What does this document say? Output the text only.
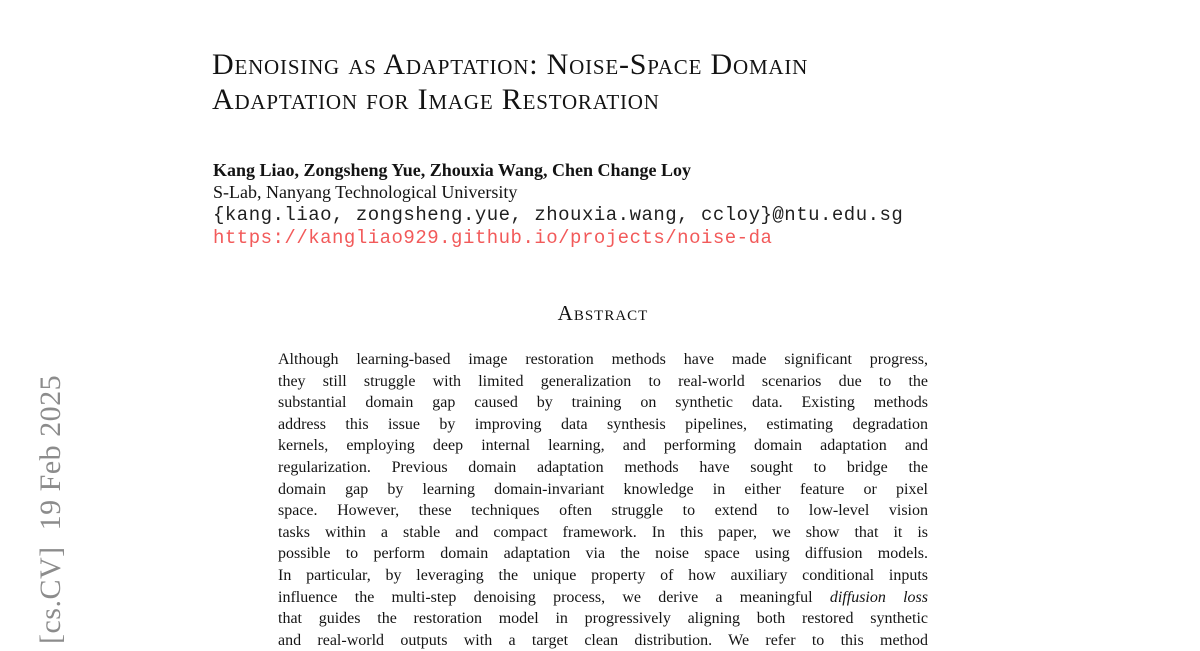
[cs.CV]  19 Feb 2025
Denoising as Adaptation: Noise-Space Domain
Adaptation for Image Restoration
Kang Liao, Zongsheng Yue, Zhouxia Wang, Chen Change Loy
S-Lab, Nanyang Technological University
{kang.liao, zongsheng.yue, zhouxia.wang, ccloy}@ntu.edu.sg
https://kangliao929.github.io/projects/noise-da
Abstract
Although learning-based image restoration methods have made significant progress,
they still struggle with limited generalization to real-world scenarios due to the
substantial domain gap caused by training on synthetic data. Existing methods
address this issue by improving data synthesis pipelines, estimating degradation
kernels, employing deep internal learning, and performing domain adaptation and
regularization. Previous domain adaptation methods have sought to bridge the
domain gap by learning domain-invariant knowledge in either feature or pixel
space. However, these techniques often struggle to extend to low-level vision
tasks within a stable and compact framework. In this paper, we show that it is
possible to perform domain adaptation via the noise space using diffusion models.
In particular, by leveraging the unique property of how auxiliary conditional inputs
influence the multi-step denoising process, we derive a meaningful diffusion loss
that guides the restoration model in progressively aligning both restored synthetic
and real-world outputs with a target clean distribution. We refer to this method
